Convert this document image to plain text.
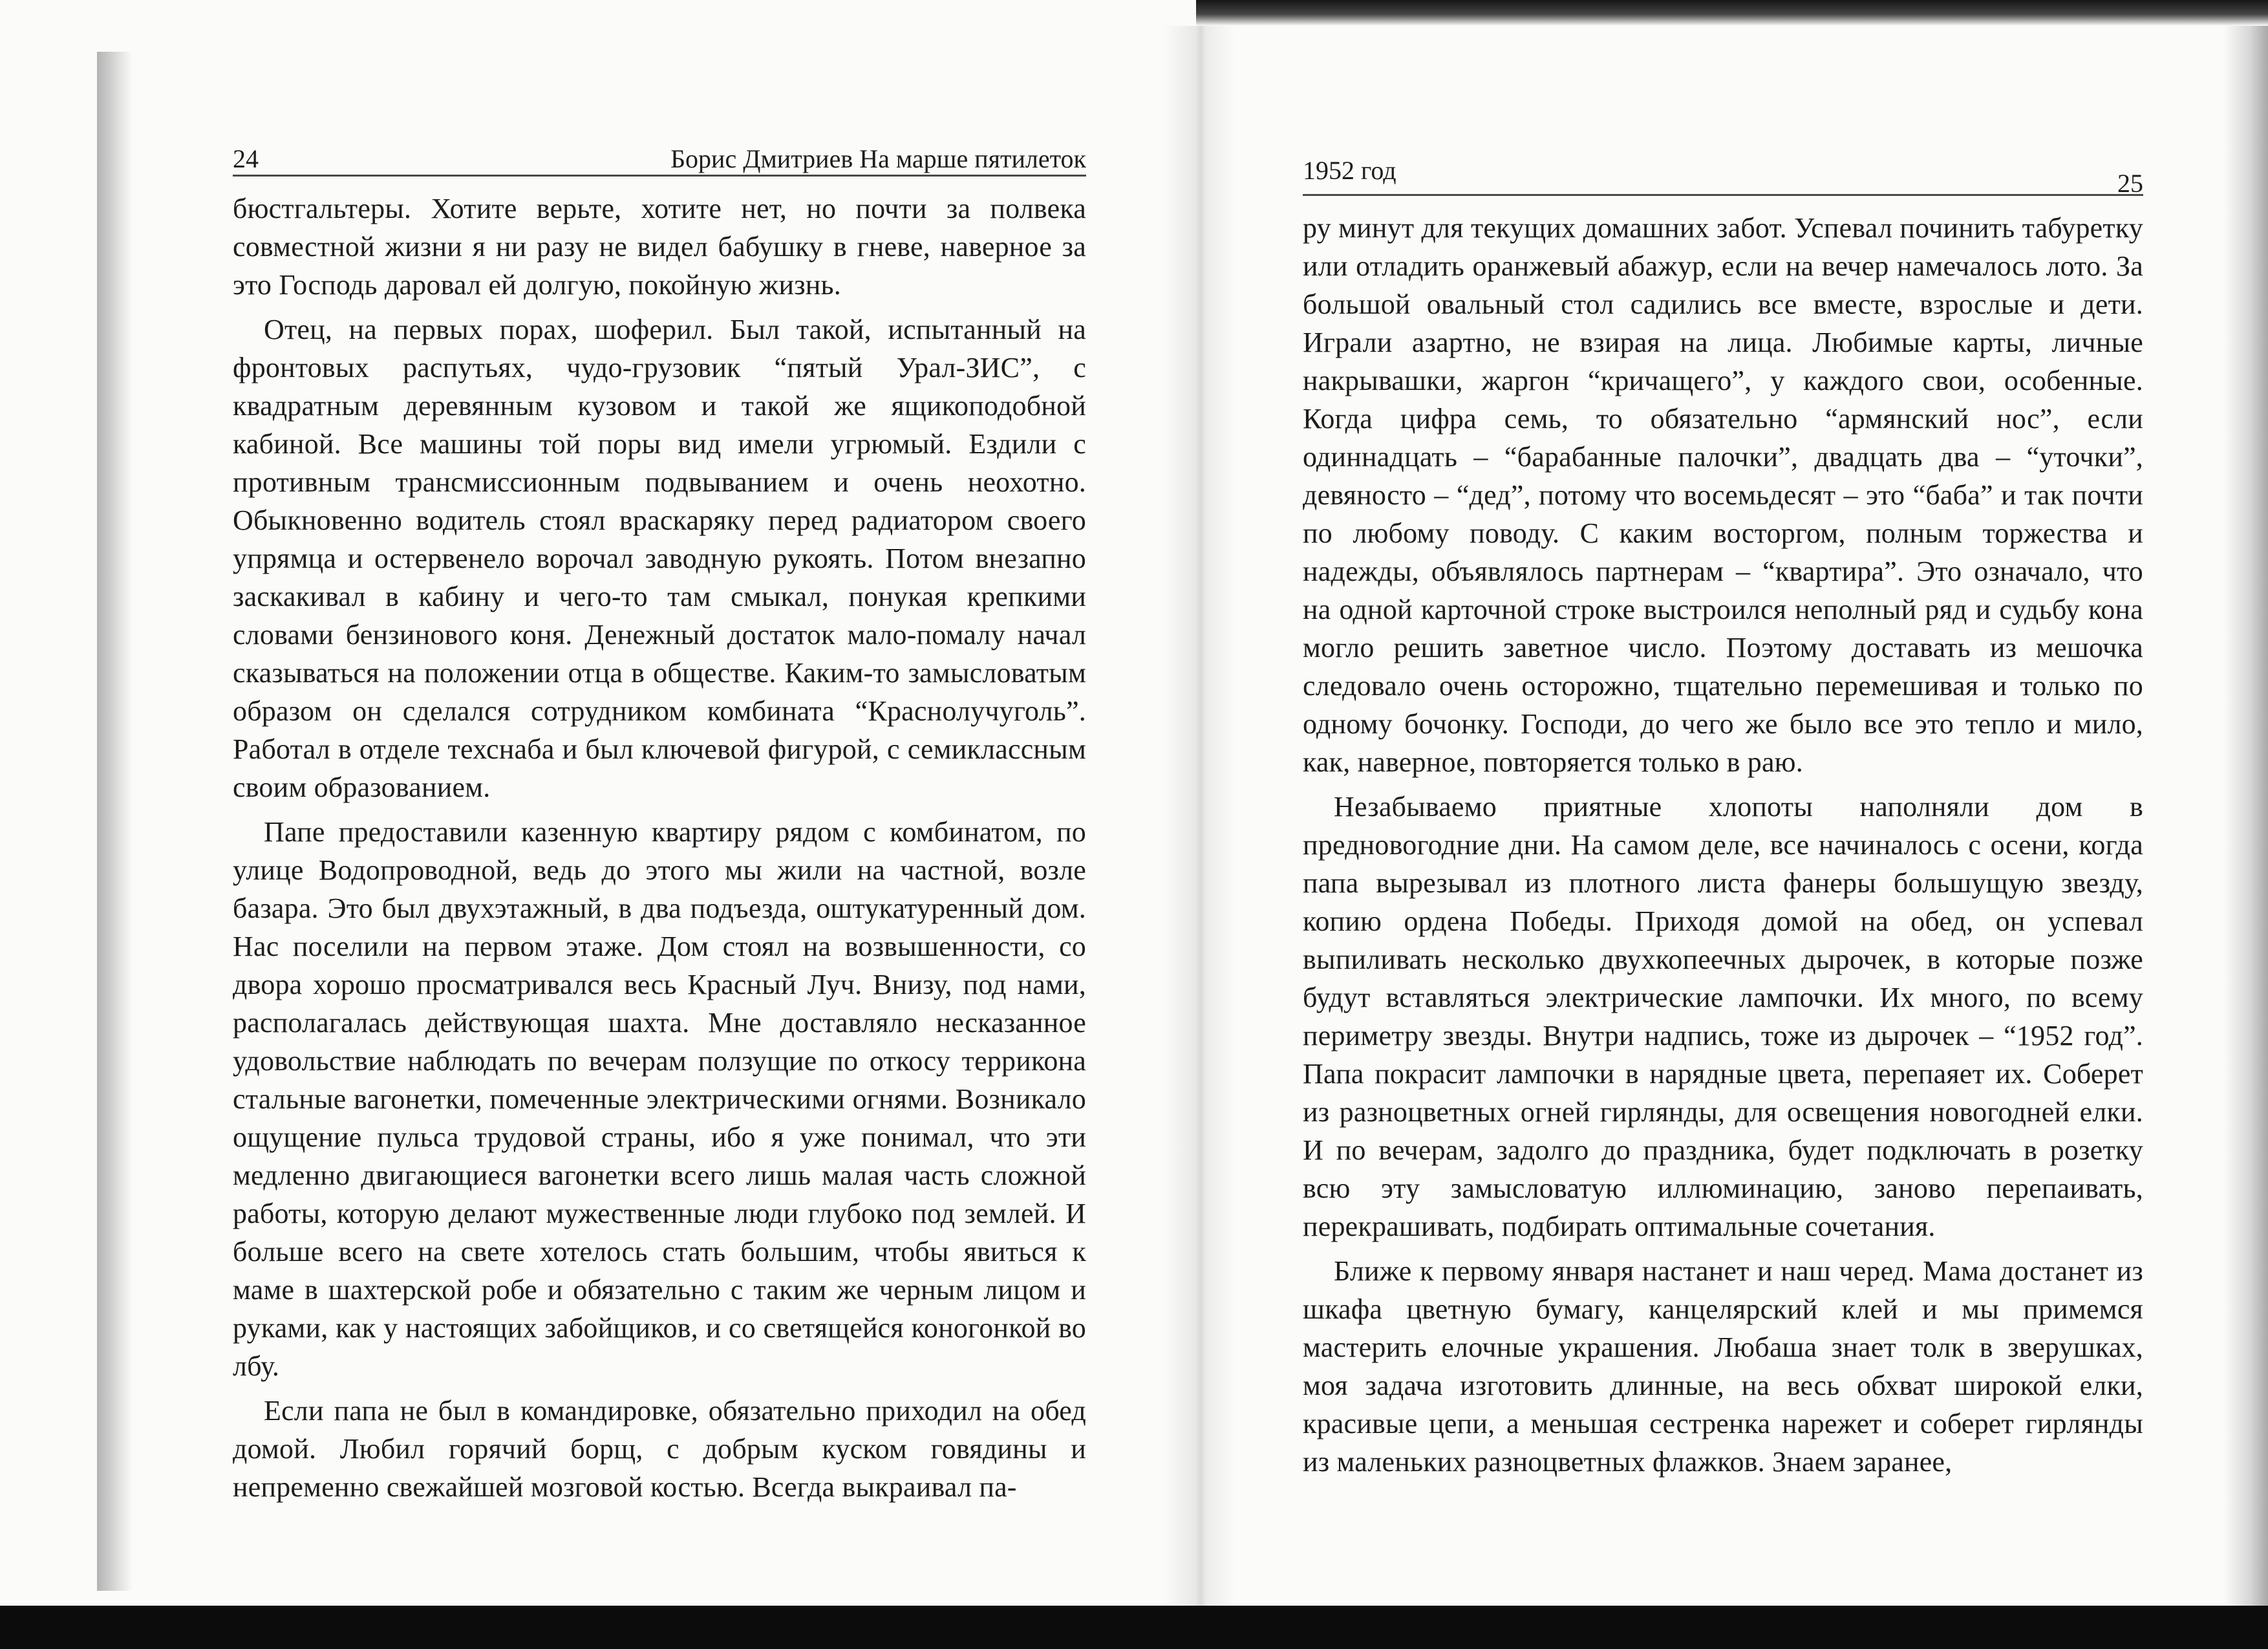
24	Борис Дмитриев На марше пятилеток

бюстгальтеры. Хотите верьте, хотите нет, но почти за полвека совместной жизни я ни разу не видел бабушку в гневе, наверное за это Господь даровал ей долгую, покойную жизнь.

Отец, на первых порах, шоферил. Был такой, испытанный на фронтовых распутьях, чудо-грузовик “пятый Урал-ЗИС”, с квадратным деревянным кузовом и такой же ящикоподобной кабиной. Все машины той поры вид имели угрюмый. Ездили с противным трансмиссионным подвыванием и очень неохотно. Обыкновенно водитель стоял враскаряку перед радиатором своего упрямца и остервенело ворочал заводную рукоять. Потом внезапно заскакивал в кабину и чего-то там смыкал, понукая крепкими словами бензинового коня. Денежный достаток мало-помалу начал сказываться на положении отца в обществе. Каким-то замысловатым образом он сделался сотрудником комбината “Краснолучуголь”. Работал в отделе техснаба и был ключевой фигурой, с семиклассным своим образованием.

Папе предоставили казенную квартиру рядом с комбинатом, по улице Водопроводной, ведь до этого мы жили на частной, возле базара. Это был двухэтажный, в два подъезда, оштукатуренный дом. Нас поселили на первом этаже. Дом стоял на возвышенности, со двора хорошо просматривался весь Красный Луч. Внизу, под нами, располагалась действующая шахта. Мне доставляло несказанное удовольствие наблюдать по вечерам ползущие по откосу терриконa стальные вагонетки, помеченные электрическими огнями. Возникало ощущение пульса трудовой страны, ибо я уже понимал, что эти медленно двигающиеся вагонетки всего лишь малая часть сложной работы, которую делают мужественные люди глубоко под землей. И больше всего на свете хотелось стать большим, чтобы явиться к маме в шахтерской робе и обязательно с таким же черным лицом и руками, как у настоящих забойщиков, и со светящейся коногонкой во лбу.

Если папа не был в командировке, обязательно приходил на обед домой. Любил горячий борщ, с добрым куском говядины и непременно свежайшей мозговой костью. Всегда выкраивал па-

1952 год	25

ру минут для текущих домашних забот. Успевал починить табуретку или отладить оранжевый абажур, если на вечер намечалось лото. За большой овальный стол садились все вместе, взрослые и дети. Играли азартно, не взирая на лица. Любимые карты, личные накрывашки, жаргон “кричащего”, у каждого свои, особенные. Когда цифра семь, то обязательно “армянский нос”, если одиннадцать – “барабанные палочки”, двадцать два – “уточки”, девяносто – “дед”, потому что восемьдесят – это “баба” и так почти по любому поводу. С каким восторгом, полным торжества и надежды, объявлялось партнерам – “квартира”. Это означало, что на одной карточной строке выстроился неполный ряд и судьбу кона могло решить заветное число. Поэтому доставать из мешочка следовало очень осторожно, тщательно перемешивая и только по одному бочонку. Господи, до чего же было все это тепло и мило, как, наверное, повторяется только в раю.

Незабываемо приятные хлопоты наполняли дом в предновогодние дни. На самом деле, все начиналось с осени, когда папа вырезывал из плотного листа фанеры большущую звезду, копию ордена Победы. Приходя домой на обед, он успевал выпиливать несколько двухкопеечных дырочек, в которые позже будут вставляться электрические лампочки. Их много, по всему периметру звезды. Внутри надпись, тоже из дырочек – “1952 год”. Папа покрасит лампочки в нарядные цвета, перепаяет их. Соберет из разноцветных огней гирлянды, для освещения новогодней елки. И по вечерам, задолго до праздника, будет подключать в розетку всю эту замысловатую иллюминацию, заново перепаивать, перекрашивать, подбирать оптимальные сочетания.

Ближе к первому января настанет и наш черед. Мама достанет из шкафа цветную бумагу, канцелярский клей и мы примемся мастерить елочные украшения. Любаша знает толк в зверушках, моя задача изготовить длинные, на весь обхват широкой елки, красивые цепи, а меньшая сестренка нарежет и соберет гирлянды из маленьких разноцветных флажков. Знаем заранее,
